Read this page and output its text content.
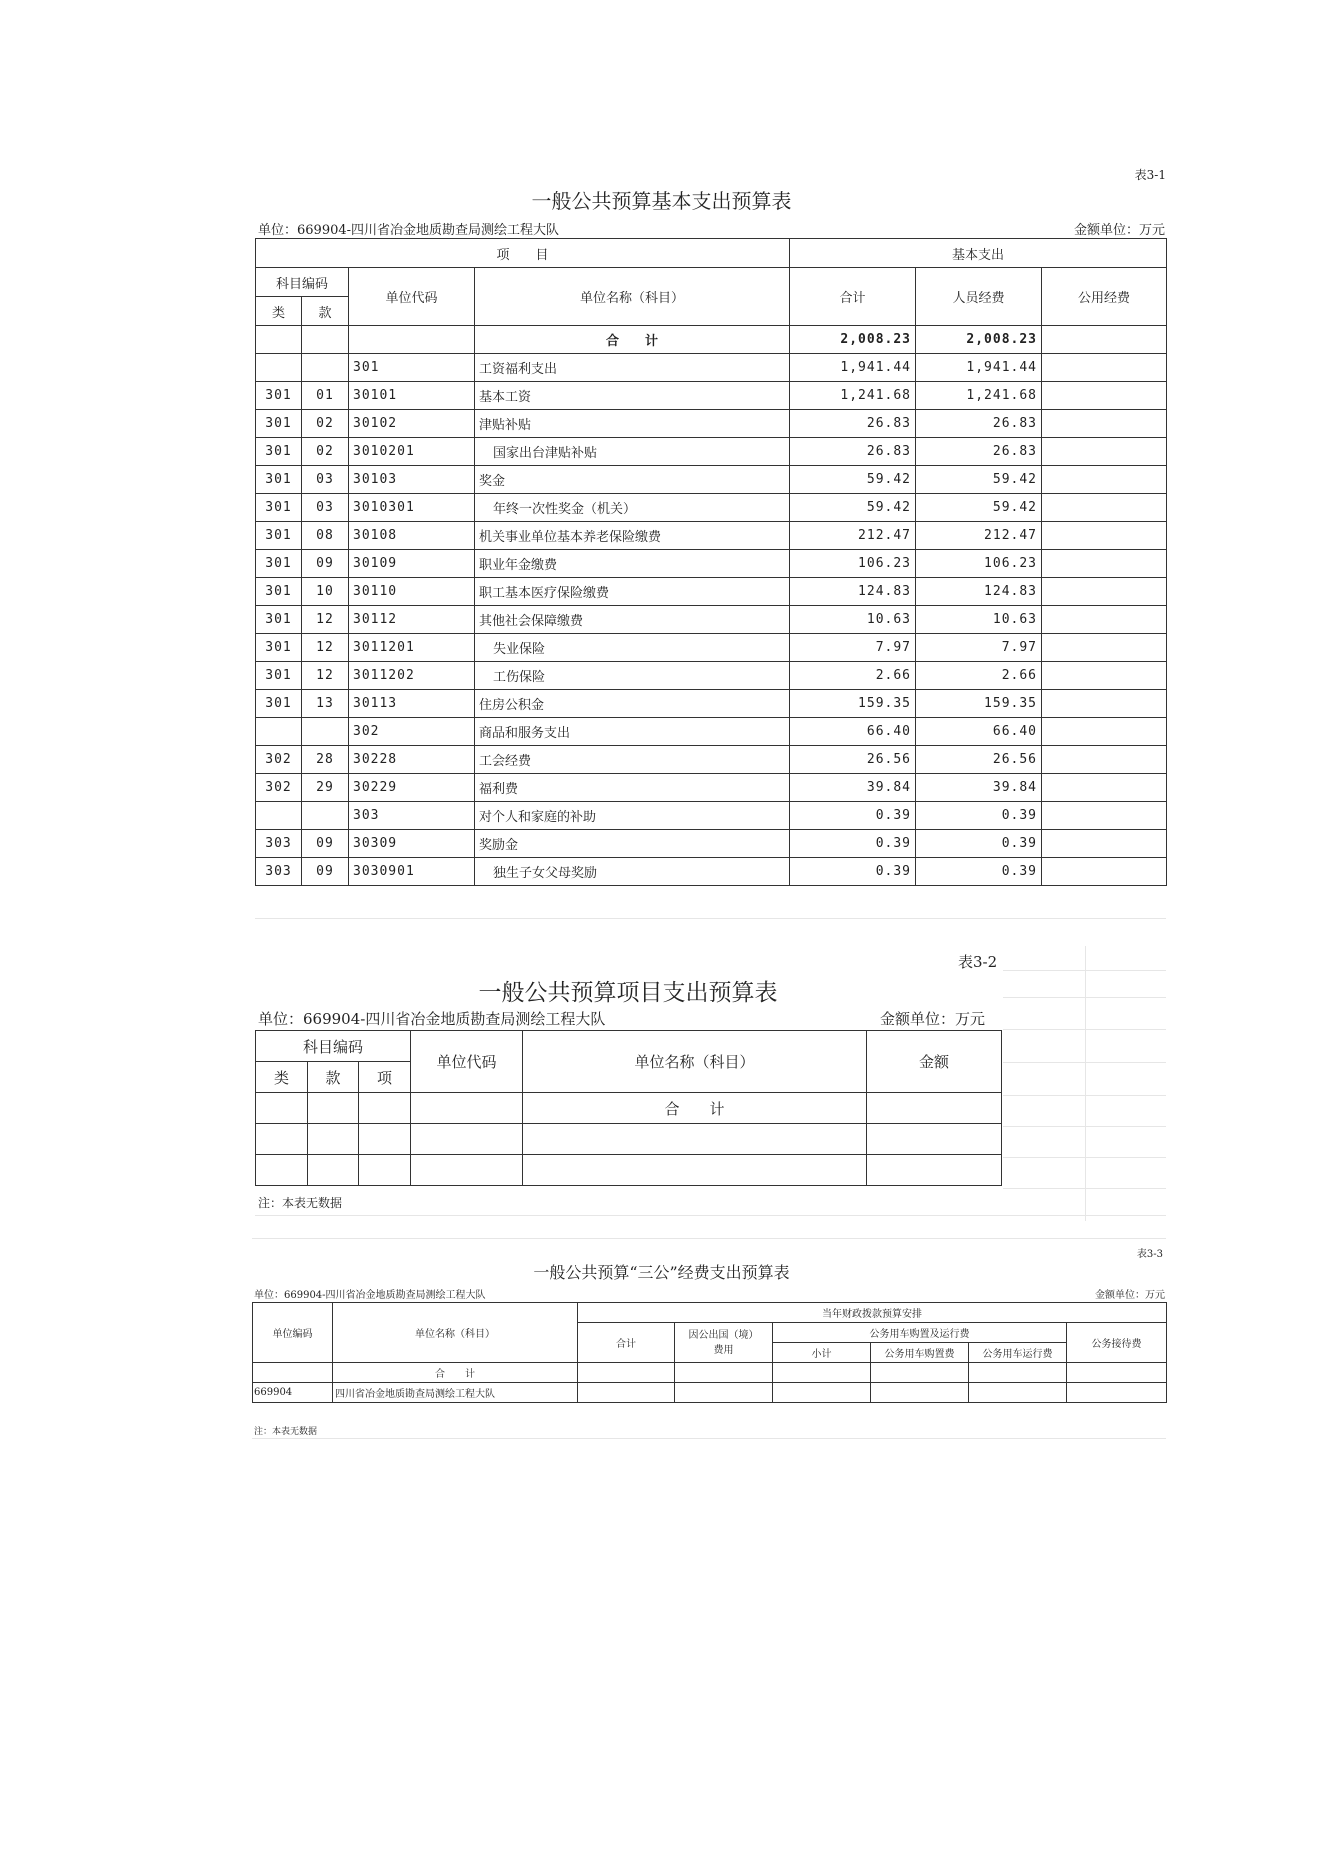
表3-1
一般公共预算基本支出预算表
单位：669904-四川省冶金地质勘查局测绘工程大队	金额单位：万元
项　　目				基本支出		
科目编码		单位代码	单位名称（科目）	合计	人员经费	公用经费
类	款					
			合　　计	2,008.23	2,008.23	
		301	工资福利支出	1,941.44	1,941.44	
301	01	30101	基本工资	1,241.68	1,241.68	
301	02	30102	津贴补贴	26.83	26.83	
301	02	3010201	国家出台津贴补贴	26.83	26.83	
301	03	30103	奖金	59.42	59.42	
301	03	3010301	年终一次性奖金（机关）	59.42	59.42	
301	08	30108	机关事业单位基本养老保险缴费	212.47	212.47	
301	09	30109	职业年金缴费	106.23	106.23	
301	10	30110	职工基本医疗保险缴费	124.83	124.83	
301	12	30112	其他社会保障缴费	10.63	10.63	
301	12	3011201	失业保险	7.97	7.97	
301	12	3011202	工伤保险	2.66	2.66	
301	13	30113	住房公积金	159.35	159.35	
		302	商品和服务支出	66.40	66.40	
302	28	30228	工会经费	26.56	26.56	
302	29	30229	福利费	39.84	39.84	
		303	对个人和家庭的补助	0.39	0.39	
303	09	30309	奖励金	0.39	0.39	
303	09	3030901	独生子女父母奖励	0.39	0.39	
表3-2
一般公共预算项目支出预算表
单位：669904-四川省冶金地质勘查局测绘工程大队	金额单位：万元
科目编码			单位代码	单位名称（科目）	金额
类	款	项			
				合　　计	

注：本表无数据
表3-3
一般公共预算“三公”经费支出预算表
单位：669904-四川省冶金地质勘查局测绘工程大队	金额单位：万元
单位编码	单位名称（科目）	当年财政拨款预算安排					
		合计	因公出国（境）费用	公务用车购置及运行费			公务接待费
				小计	公务用车购置费	公务用车运行费	
	合　　计						
669904	四川省冶金地质勘查局测绘工程大队						
注：本表无数据
